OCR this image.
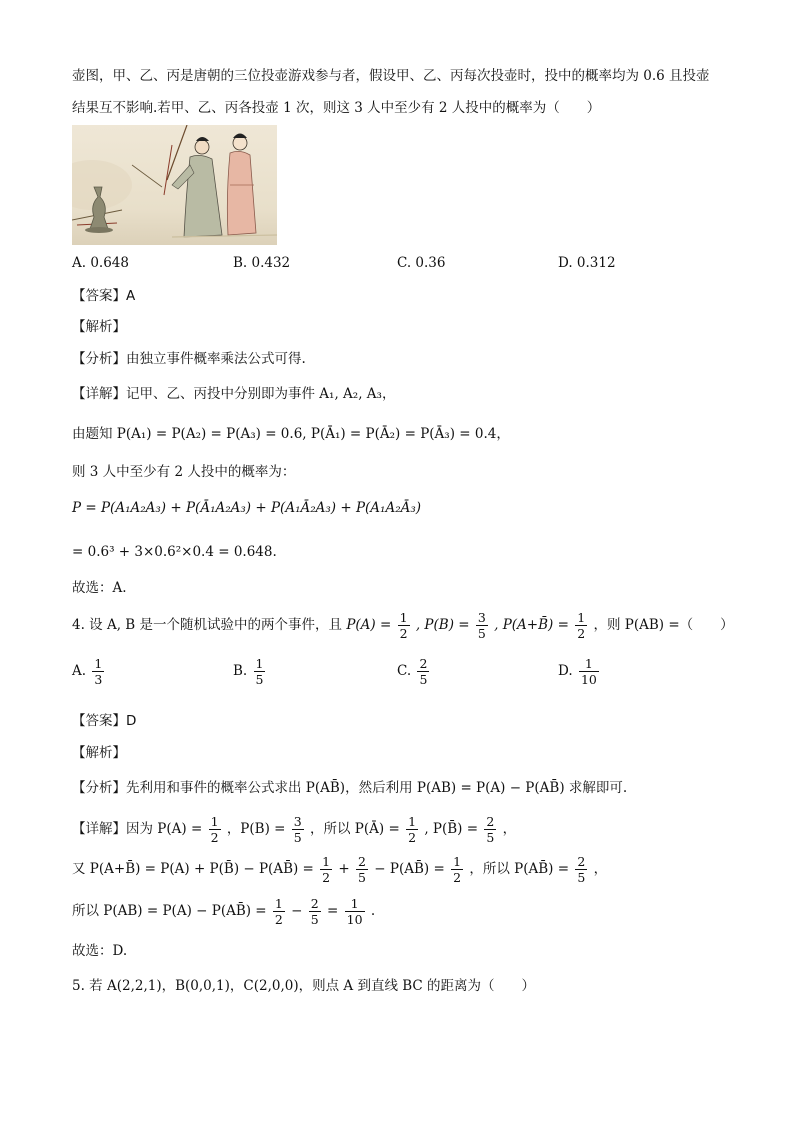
壶图，甲、乙、丙是唐朝的三位投壶游戏参与者，假设甲、乙、丙每次投壶时，投中的概率均为 0.6 且投壶
结果互不影响.若甲、乙、丙各投壶 1 次，则这 3 人中至少有 2 人投中的概率为（　　）
A. 0.648	B. 0.432	C. 0.36	D. 0.312
【答案】A
【解析】
【分析】由独立事件概率乘法公式可得.
【详解】记甲、乙、丙投中分别即为事件 A₁, A₂, A₃，
由题知 P(A₁) = P(A₂) = P(A₃) = 0.6, P(Ā₁) = P(Ā₂) = P(Ā₃) = 0.4，
则 3 人中至少有 2 人投中的概率为：
P = P(A₁A₂A₃) + P(Ā₁A₂A₃) + P(A₁Ā₂A₃) + P(A₁A₂Ā₃)
= 0.6³ + 3×0.6²×0.4 = 0.648.
故选：A.
4. 设 A, B 是一个随机试验中的两个事件，且 $P(A) = \frac{1}{2}$ , $P(B) = \frac{3}{5}$ , P(A+B̄) = $\frac{1}{2}$ ，则 P(AB) =（　　）
A. $\frac{1}{3}$	B. $\frac{1}{5}$	C. $\frac{2}{5}$	D. $\frac{1}{10}$
【答案】D
【解析】
【分析】先利用和事件的概率公式求出 P(AB̄)，然后利用 P(AB) = P(A) − P(AB̄) 求解即可.
【详解】因为 $P(A) = \frac{1}{2}$ ，$P(B) = \frac{3}{5}$ ，所以 P(Ā) = $\frac{1}{2}$ , P(B̄) = $\frac{2}{5}$ ，
又 P(A+B̄) = P(A) + P(B̄) − P(AB̄) = $\frac{1}{2} + \frac{2}{5}$ − P(AB̄) = $\frac{1}{2}$ ，所以 P(AB̄) = $\frac{2}{5}$ ，
所以 P(AB) = P(A) − P(AB̄) = $\frac{1}{2} - \frac{2}{5} = \frac{1}{10}$ .
故选：D.
5. 若 A(2,2,1)，B(0,0,1)，C(2,0,0)，则点 A 到直线 BC 的距离为（　　）
